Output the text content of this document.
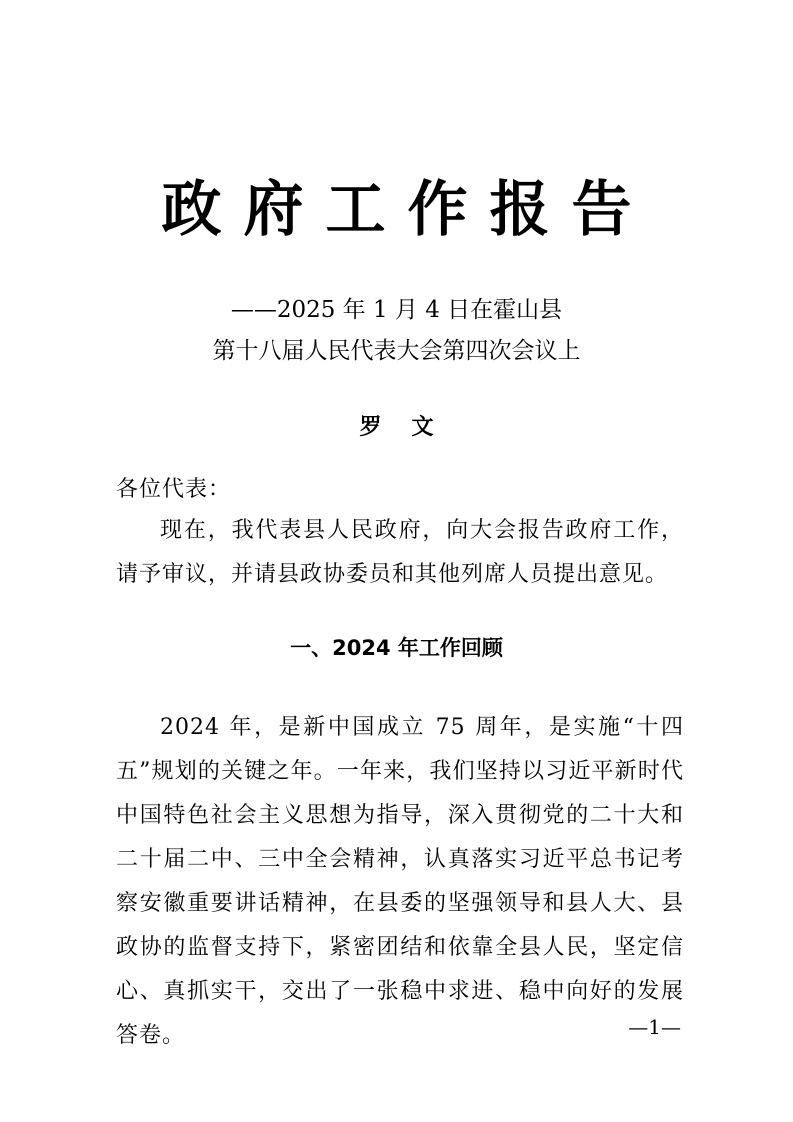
政府工作报告
——2025 年 1 月 4 日在霍山县
第十八届人民代表大会第四次会议上
罗文
各位代表：
现在，我代表县人民政府，向大会报告政府工作，请予审议，并请县政协委员和其他列席人员提出意见。
一、2024 年工作回顾
2024 年，是新中国成立 75 周年，是实施“十四五”规划的关键之年。一年来，我们坚持以习近平新时代中国特色社会主义思想为指导，深入贯彻党的二十大和二十届二中、三中全会精神，认真落实习近平总书记考察安徽重要讲话精神，在县委的坚强领导和县人大、县政协的监督支持下，紧密团结和依靠全县人民，坚定信心、真抓实干，交出了一张稳中求进、稳中向好的发展答卷。	—1—
